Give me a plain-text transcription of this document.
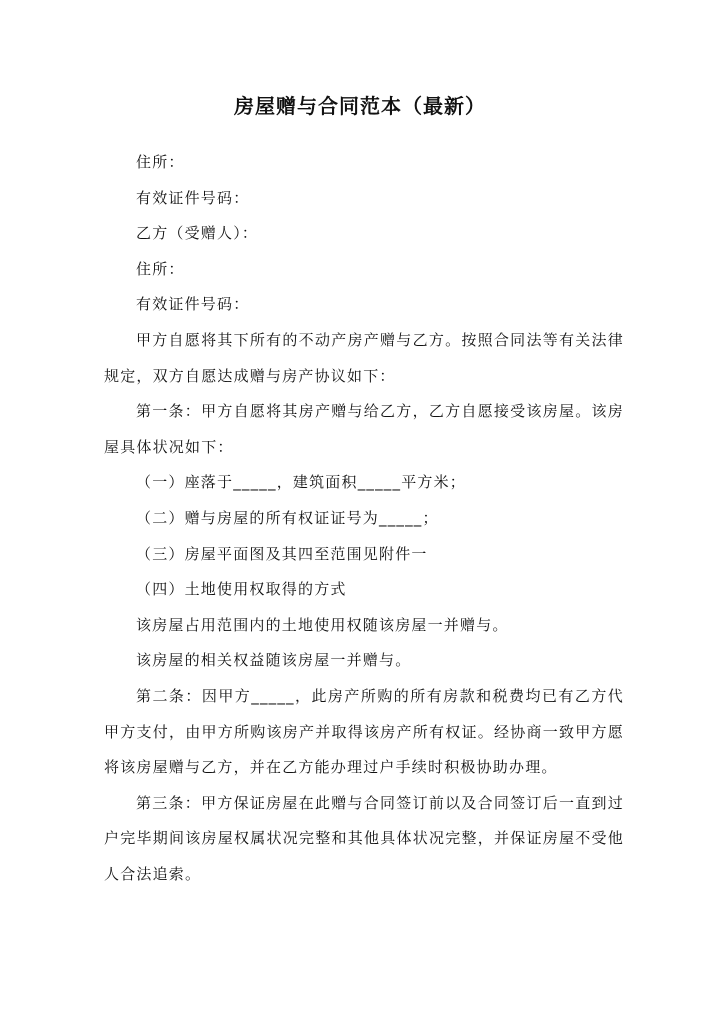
房屋赠与合同范本（最新）

住所：

有效证件号码：

乙方（受赠人）：

住所：

有效证件号码：

甲方自愿将其下所有的不动产房产赠与乙方。按照合同法等有关法律规定，双方自愿达成赠与房产协议如下：

第一条：甲方自愿将其房产赠与给乙方，乙方自愿接受该房屋。该房屋具体状况如下：

（一）座落于_____，建筑面积_____平方米；

（二）赠与房屋的所有权证证号为_____；

（三）房屋平面图及其四至范围见附件一

（四）土地使用权取得的方式

该房屋占用范围内的土地使用权随该房屋一并赠与。

该房屋的相关权益随该房屋一并赠与。

第二条：因甲方_____，此房产所购的所有房款和税费均已有乙方代甲方支付，由甲方所购该房产并取得该房产所有权证。经协商一致甲方愿将该房屋赠与乙方，并在乙方能办理过户手续时积极协助办理。

第三条：甲方保证房屋在此赠与合同签订前以及合同签订后一直到过户完毕期间该房屋权属状况完整和其他具体状况完整，并保证房屋不受他人合法追索。
